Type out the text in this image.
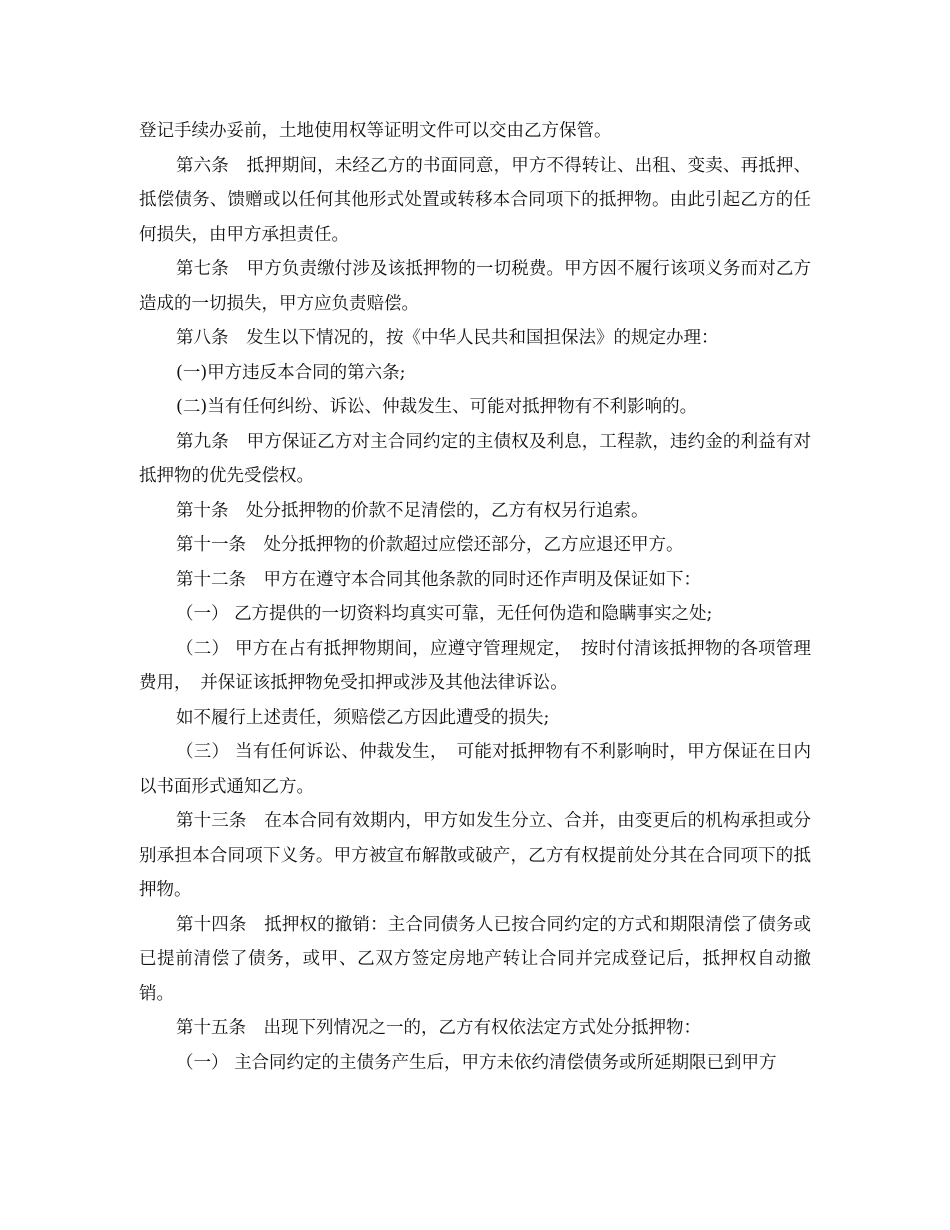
登记手续办妥前，土地使用权等证明文件可以交由乙方保管。

第六条　抵押期间，未经乙方的书面同意，甲方不得转让、出租、变卖、再抵押、抵偿债务、馈赠或以任何其他形式处置或转移本合同项下的抵押物。由此引起乙方的任何损失，由甲方承担责任。

第七条　甲方负责缴付涉及该抵押物的一切税费。甲方因不履行该项义务而对乙方造成的一切损失，甲方应负责赔偿。

第八条　发生以下情况的，按《中华人民共和国担保法》的规定办理：

(一)甲方违反本合同的第六条;

(二)当有任何纠纷、诉讼、仲裁发生、可能对抵押物有不利影响的。

第九条　甲方保证乙方对主合同约定的主债权及利息，工程款，违约金的利益有对抵押物的优先受偿权。

第十条　处分抵押物的价款不足清偿的，乙方有权另行追索。

第十一条　处分抵押物的价款超过应偿还部分，乙方应退还甲方。

第十二条　甲方在遵守本合同其他条款的同时还作声明及保证如下：

（一） 乙方提供的一切资料均真实可靠，无任何伪造和隐瞒事实之处;

（二） 甲方在占有抵押物期间，应遵守管理规定，　按时付清该抵押物的各项管理费用，　并保证该抵押物免受扣押或涉及其他法律诉讼。

如不履行上述责任，须赔偿乙方因此遭受的损失;

（三） 当有任何诉讼、仲裁发生，　可能对抵押物有不利影响时，甲方保证在日内以书面形式通知乙方。

第十三条　在本合同有效期内，甲方如发生分立、合并，由变更后的机构承担或分别承担本合同项下义务。甲方被宣布解散或破产，乙方有权提前处分其在合同项下的抵押物。

第十四条　抵押权的撤销：主合同债务人已按合同约定的方式和期限清偿了债务或已提前清偿了债务，或甲、乙双方签定房地产转让合同并完成登记后，抵押权自动撤销。

第十五条　出现下列情况之一的，乙方有权依法定方式处分抵押物：

（一） 主合同约定的主债务产生后，甲方未依约清偿债务或所延期限已到甲方
